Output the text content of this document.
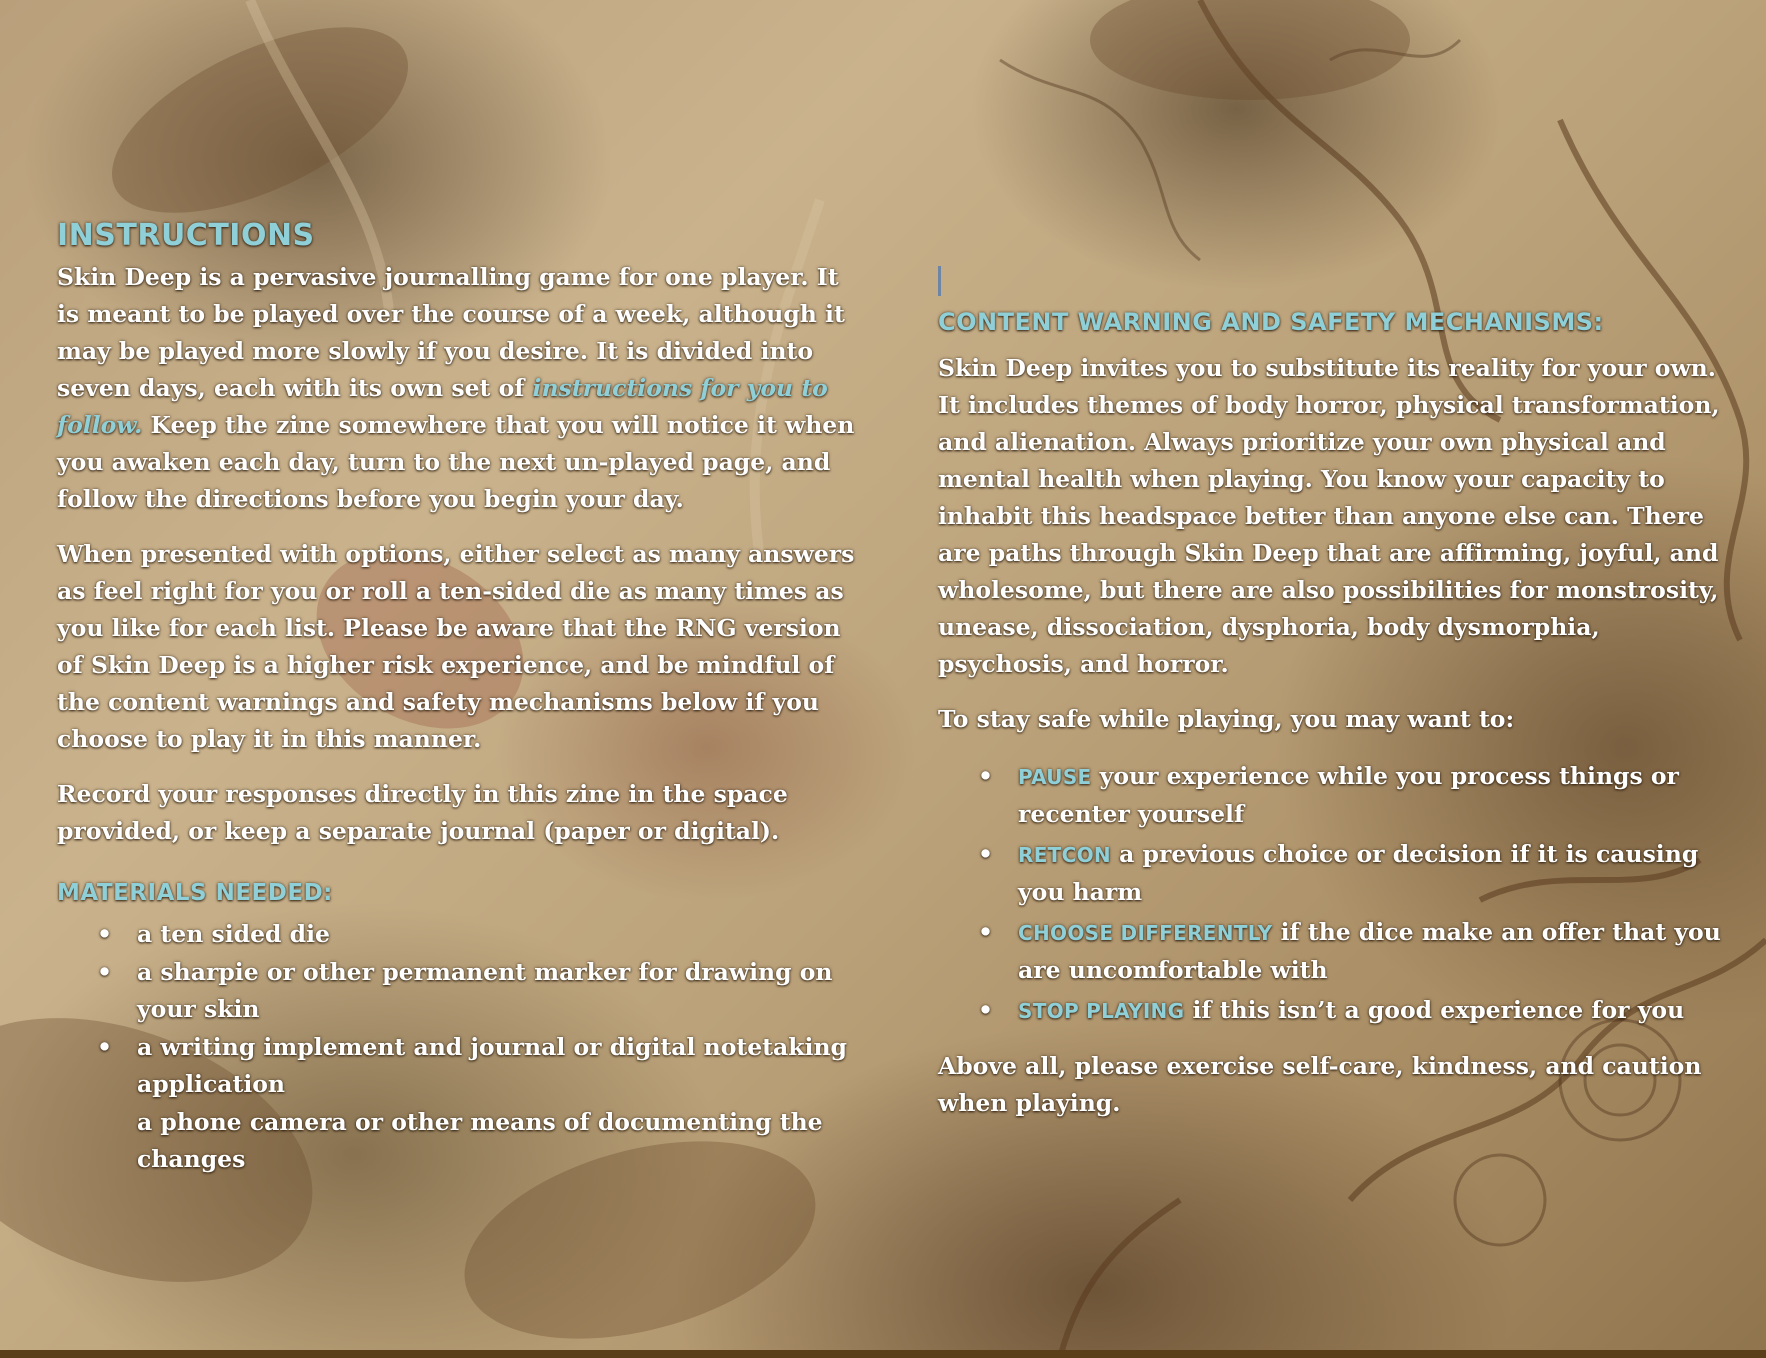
INSTRUCTIONS

Skin Deep is a pervasive journalling game for one player. It is meant to be played over the course of a week, although it may be played more slowly if you desire. It is divided into seven days, each with its own set of instructions for you to follow. Keep the zine somewhere that you will notice it when you awaken each day, turn to the next un-played page, and follow the directions before you begin your day.

When presented with options, either select as many answers as feel right for you or roll a ten-sided die as many times as you like for each list. Please be aware that the RNG version of Skin Deep is a higher risk experience, and be mindful of the content warnings and safety mechanisms below if you choose to play it in this manner.

Record your responses directly in this zine in the space provided, or keep a separate journal (paper or digital).

MATERIALS NEEDED:
• a ten sided die
• a sharpie or other permanent marker for drawing on your skin
• a writing implement and journal or digital notetaking application
a phone camera or other means of documenting the changes
CONTENT WARNING AND SAFETY MECHANISMS:

Skin Deep invites you to substitute its reality for your own. It includes themes of body horror, physical transformation, and alienation. Always prioritize your own physical and mental health when playing. You know your capacity to inhabit this headspace better than anyone else can. There are paths through Skin Deep that are affirming, joyful, and wholesome, but there are also possibilities for monstrosity, unease, dissociation, dysphoria, body dysmorphia, psychosis, and horror.

To stay safe while playing, you may want to:

• PAUSE your experience while you process things or recenter yourself
• RETCON a previous choice or decision if it is causing you harm
• CHOOSE DIFFERENTLY if the dice make an offer that you are uncomfortable with
• STOP PLAYING if this isn’t a good experience for you

Above all, please exercise self-care, kindness, and caution when playing.
